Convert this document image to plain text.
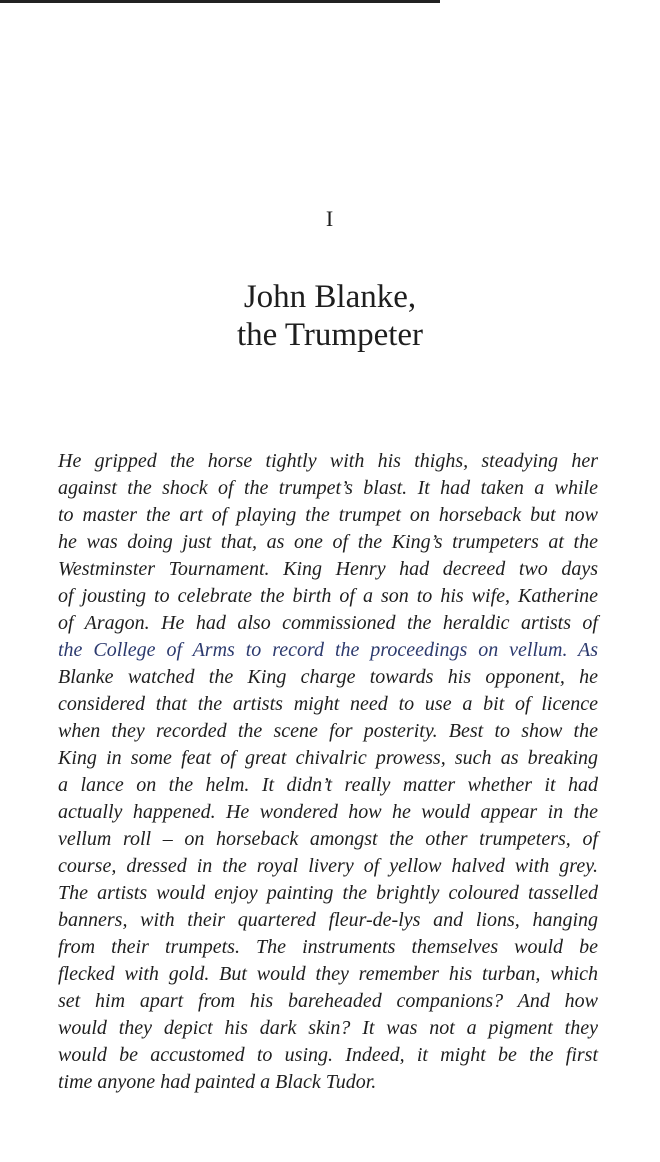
I
John Blanke,
the Trumpeter
He gripped the horse tightly with his thighs, steadying her
against the shock of the trumpet’s blast. It had taken a while
to master the art of playing the trumpet on horseback but now
he was doing just that, as one of the King’s trumpeters at the
Westminster Tournament. King Henry had decreed two days
of jousting to celebrate the birth of a son to his wife, Katherine
of Aragon. He had also commissioned the heraldic artists of
the College of Arms to record the proceedings on vellum. As
Blanke watched the King charge towards his opponent, he
considered that the artists might need to use a bit of licence
when they recorded the scene for posterity. Best to show the
King in some feat of great chivalric prowess, such as breaking
a lance on the helm. It didn’t really matter whether it had
actually happened. He wondered how he would appear in the
vellum roll – on horseback amongst the other trumpeters, of
course, dressed in the royal livery of yellow halved with grey.
The artists would enjoy painting the brightly coloured tasselled
banners, with their quartered fleur-de-lys and lions, hanging
from their trumpets. The instruments themselves would be
flecked with gold. But would they remember his turban, which
set him apart from his bareheaded companions? And how
would they depict his dark skin? It was not a pigment they
would be accustomed to using. Indeed, it might be the first
time anyone had painted a Black Tudor.
